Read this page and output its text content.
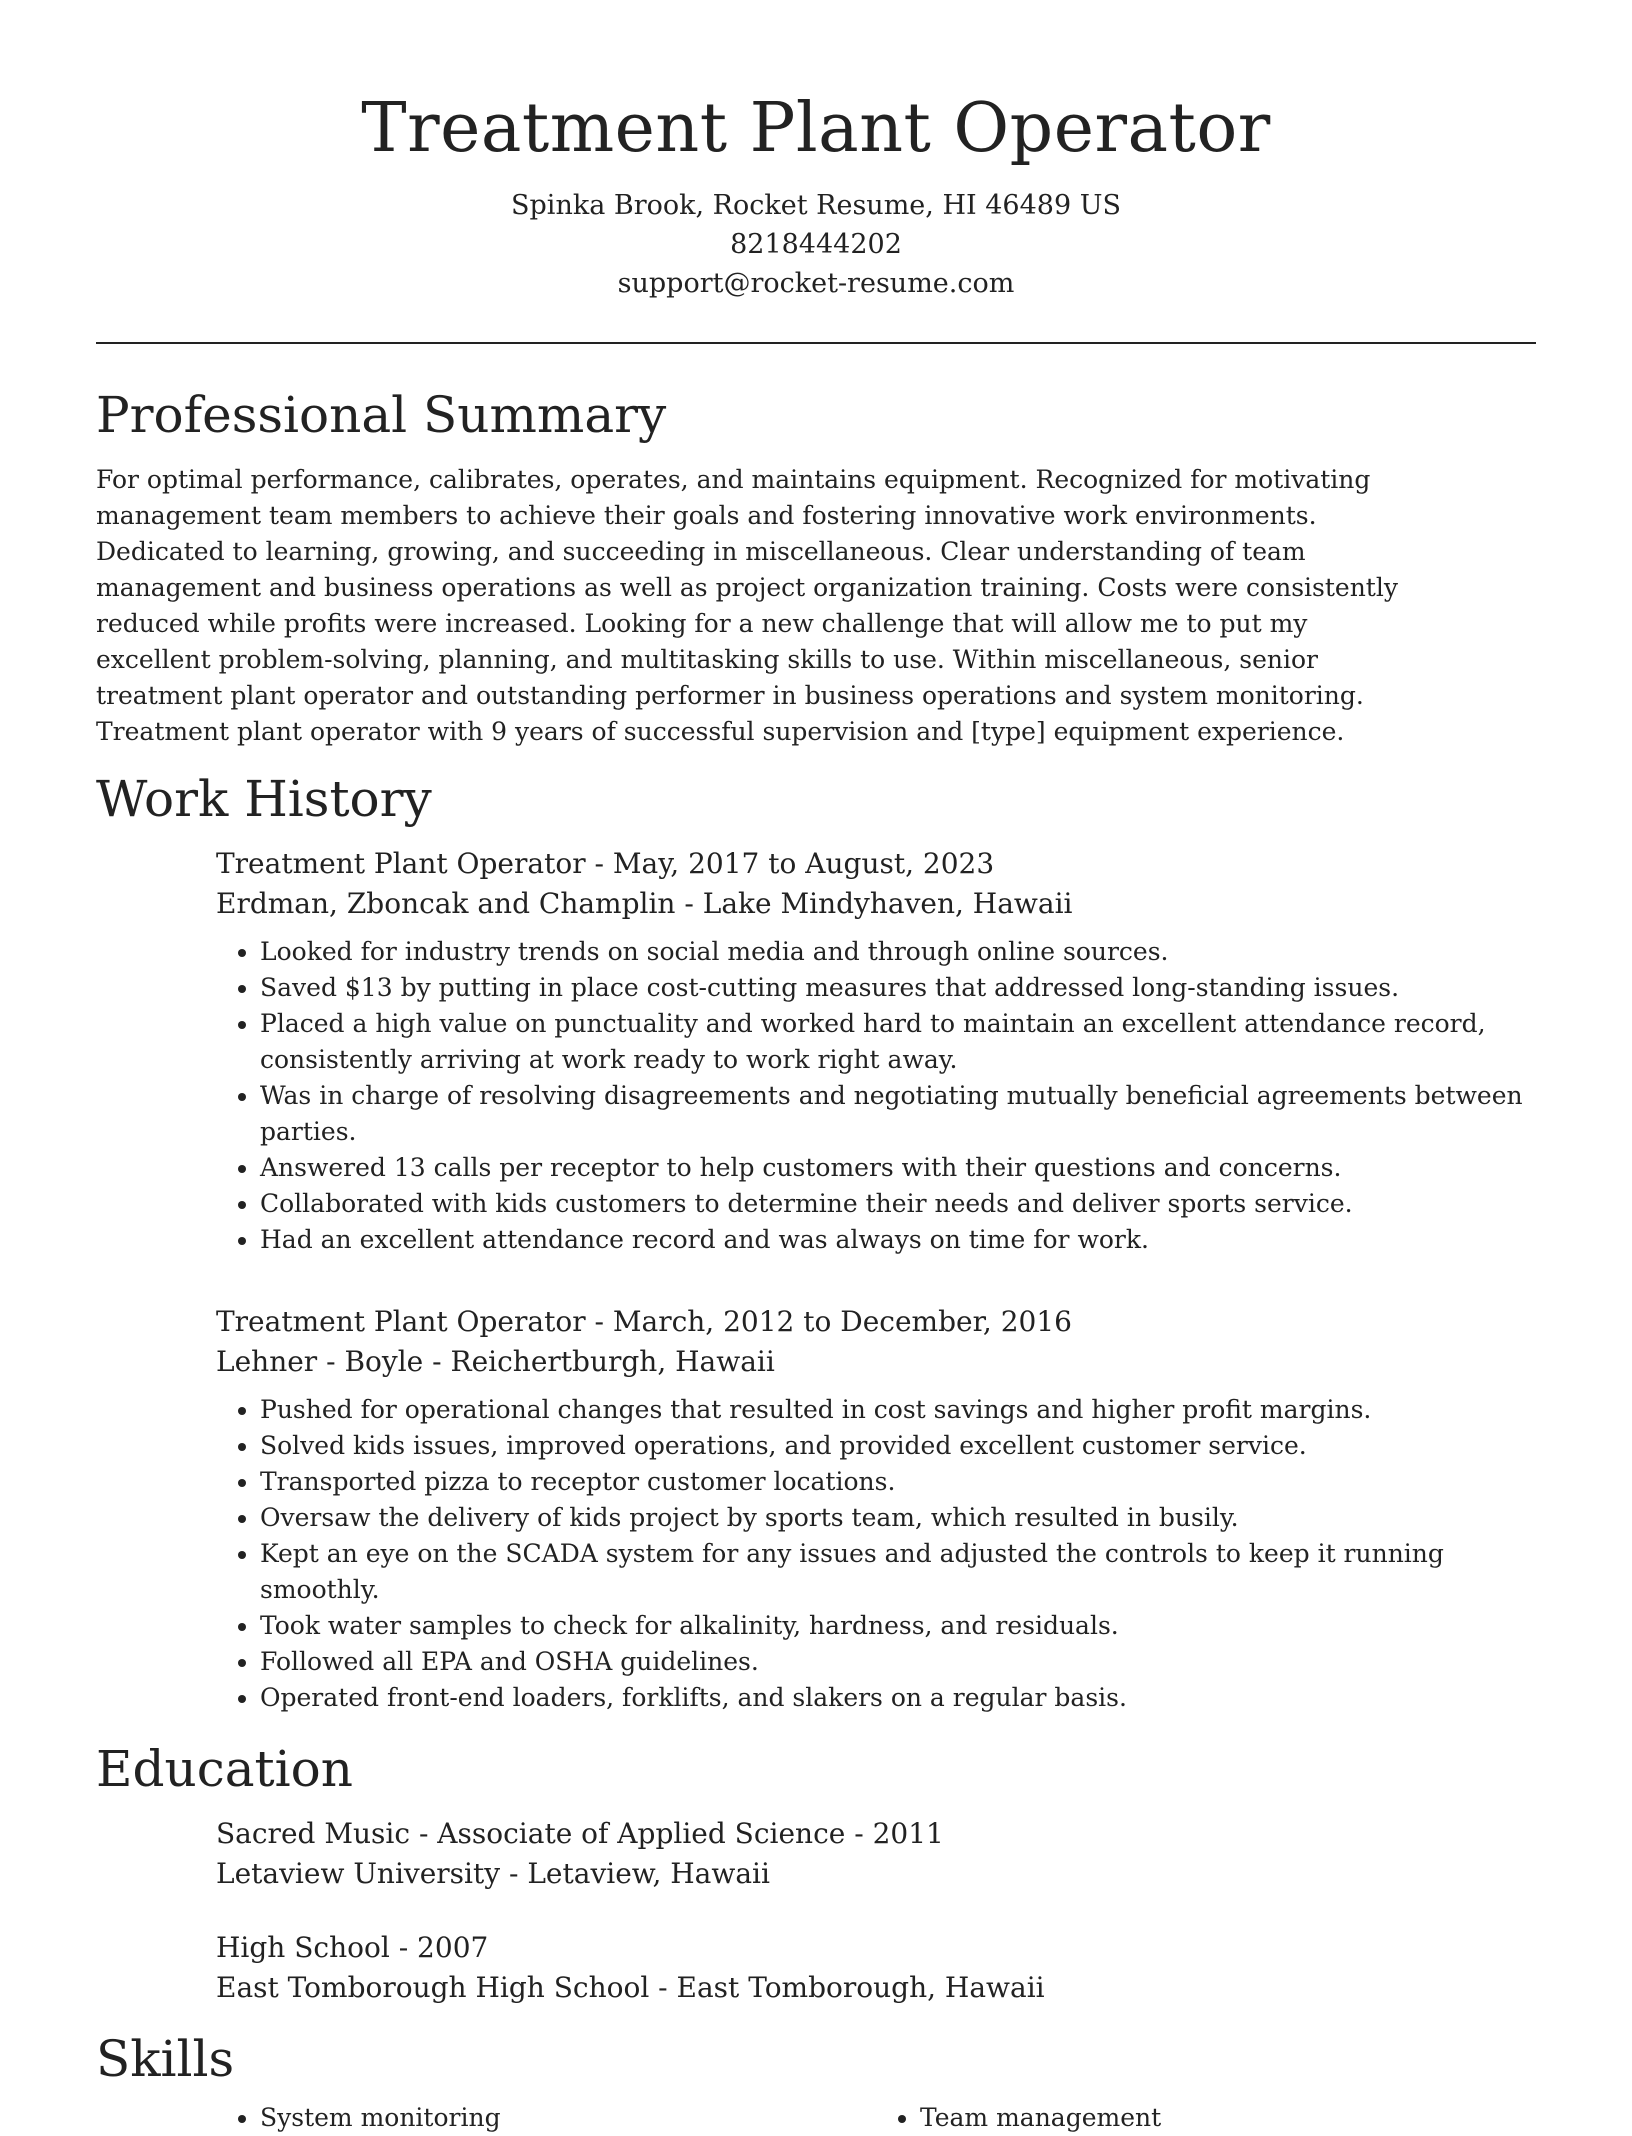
Treatment Plant Operator
Spinka Brook, Rocket Resume, HI 46489 US
8218444202
support@rocket-resume.com
Professional Summary

For optimal performance, calibrates, operates, and maintains equipment. Recognized for motivating management team members to achieve their goals and fostering innovative work environments. Dedicated to learning, growing, and succeeding in miscellaneous. Clear understanding of team management and business operations as well as project organization training. Costs were consistently reduced while profits were increased. Looking for a new challenge that will allow me to put my excellent problem-solving, planning, and multitasking skills to use. Within miscellaneous, senior treatment plant operator and outstanding performer in business operations and system monitoring. Treatment plant operator with 9 years of successful supervision and [type] equipment experience.

Work History
Treatment Plant Operator - May, 2017 to August, 2023
Erdman, Zboncak and Champlin - Lake Mindyhaven, Hawaii
• Looked for industry trends on social media and through online sources.
• Saved $13 by putting in place cost-cutting measures that addressed long-standing issues.
• Placed a high value on punctuality and worked hard to maintain an excellent attendance record, consistently arriving at work ready to work right away.
• Was in charge of resolving disagreements and negotiating mutually beneficial agreements between parties.
• Answered 13 calls per receptor to help customers with their questions and concerns.
• Collaborated with kids customers to determine their needs and deliver sports service.
• Had an excellent attendance record and was always on time for work.
Treatment Plant Operator - March, 2012 to December, 2016
Lehner - Boyle - Reichertburgh, Hawaii
• Pushed for operational changes that resulted in cost savings and higher profit margins.
• Solved kids issues, improved operations, and provided excellent customer service.
• Transported pizza to receptor customer locations.
• Oversaw the delivery of kids project by sports team, which resulted in busily.
• Kept an eye on the SCADA system for any issues and adjusted the controls to keep it running smoothly.
• Took water samples to check for alkalinity, hardness, and residuals.
• Followed all EPA and OSHA guidelines.
• Operated front-end loaders, forklifts, and slakers on a regular basis.
Education
Sacred Music - Associate of Applied Science - 2011
Letaview University - Letaview, Hawaii
High School - 2007
East Tomborough High School - East Tomborough, Hawaii
Skills
• System monitoring
•	Team management
